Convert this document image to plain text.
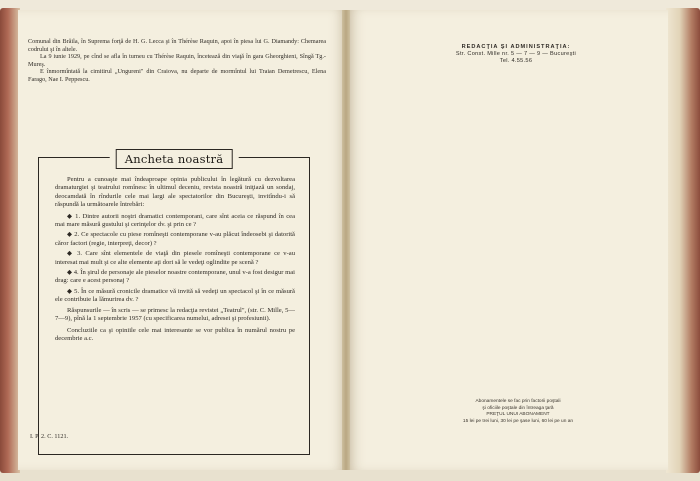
Comunal din Brăila, în Suprema forţă de H. G. Lecca şi în Thérèse Raquin, apoi în piesa lui G. Diamandy: Chemarea codrului şi în altele.

La 9 iunie 1929, pe cînd se afla în turneu cu Thérèse Raquin, încetează din viaţă în gara Gheorghieni, Sîngă Tg.-Mureş.

E înmormîntată la cimitirul „Ungureni" din Craiova, nu departe de mormîntul lui Traian Demetrescu, Elena Farago, Nae I. Peppescu.

Ancheta noastră

Pentru a cunoaşte mai îndeaproape opinia publicului în legătură cu dezvoltarea dramaturgiei şi teatrului romînesc în ultimul deceniu, revista noastră iniţiază un sondaj, deocamdată în rîndurile cele mai largi ale spectatorilor din Bucureşti, invitîndu-i să răspundă la următoarele întrebări:

◆ 1. Dintre autorii noştri dramatici contemporani, care sînt aceia ce răspund în cea mai mare măsură gustului şi cerinţelor dv. şi prin ce ?

◆ 2. Ce spectacole cu piese romîneşti contemporane v-au plăcut îndeosebi şi datorită căror factori (regie, interpreţi, decor) ?

◆ 3. Care sînt elementele de viaţă din piesele romîneşti contemporane ce v-au interesat mai mult şi ce alte elemente aţi dori să le vedeţi oglindite pe scenă ?

◆ 4. În şirul de personaje ale pieselor noastre contemporane, unul v-a fost desigur mai drag: care e acest personaj ?

◆ 5. În ce măsură cronicile dramatice vă invită să vedeţi un spectacol şi în ce măsură ele contribuie la lămurirea dv. ?

Răspunsurile — în scris — se primesc la redacţia revistei „Teatrul", (str. C. Mille, 5—7—9), pînă la 1 septembrie 1957 (cu specificarea numelui, adresei şi profesiunii).

Concluziile ca şi opiniile cele mai interesante se vor publica în numărul nostru pe decembrie a.c.

I. P. 2. C. 1121.
REDACŢIA ŞI ADMINISTRAŢIA:
Str. Const. Mille nr. 5 — 7 — 9 — Bucureşti
Tel. 4.55.56
Abonamentele se fac prin factorii poştali
şi oficiile poştale din întreaga ţară
PREŢUL UNUI ABONAMENT
15 lei pe trei luni, 30 lei pe şase luni, 60 lei pe un an
